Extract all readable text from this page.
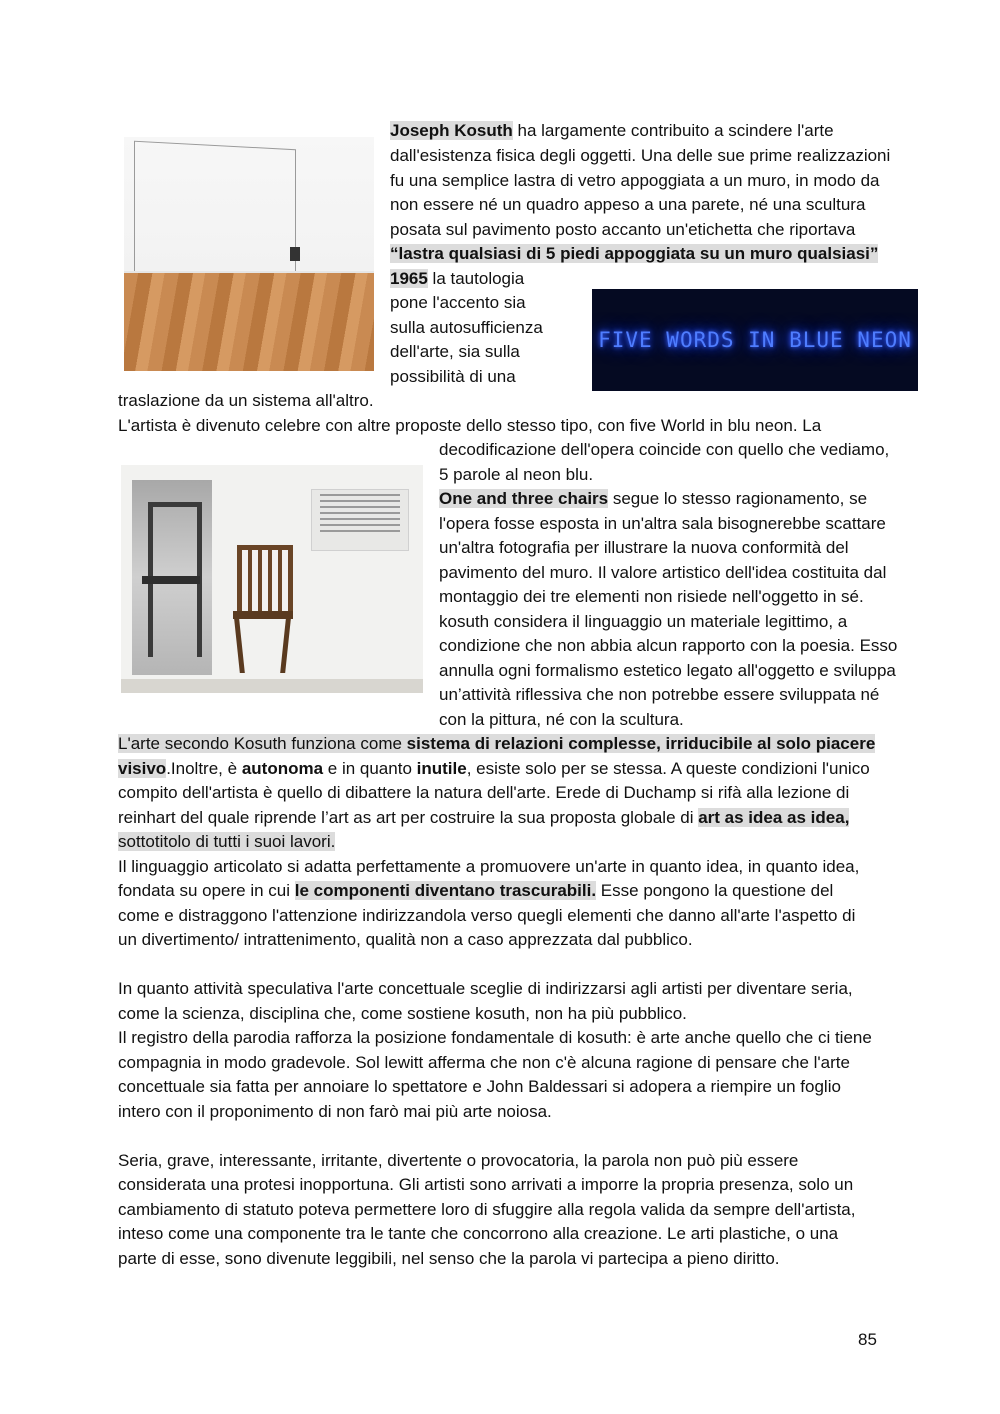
FIVE WORDS IN BLUE NEON
Joseph Kosuth ha largamente contribuito a scindere l'arte
dall'esistenza fisica degli oggetti. Una delle sue prime realizzazioni
fu una semplice lastra di vetro appoggiata a un muro, in modo da
non essere né un quadro appeso a una parete, né una scultura
posata sul pavimento posto accanto un'etichetta che riportava
“lastra qualsiasi di 5 piedi appoggiata su un muro qualsiasi”
1965 la tautologia
pone l'accento sia
sulla autosufficienza
dell'arte, sia sulla
possibilità di una
traslazione da un sistema all'altro.
L'artista è divenuto celebre con altre proposte dello stesso tipo, con five World in blu neon. La
decodificazione dell'opera coincide con quello che vediamo,
5 parole al neon blu.
One and three chairs segue lo stesso ragionamento, se
l'opera fosse esposta in un'altra sala bisognerebbe scattare
un'altra fotografia per illustrare la nuova conformità del
pavimento del muro. Il valore artistico dell'idea costituita dal
montaggio dei tre elementi non risiede nell'oggetto in sé.
kosuth considera il linguaggio un materiale legittimo, a
condizione che non abbia alcun rapporto con la poesia. Esso
annulla ogni formalismo estetico legato all'oggetto e sviluppa
un’attività riflessiva che non potrebbe essere sviluppata né
con la pittura, né con la scultura.
L'arte secondo Kosuth funziona come sistema di relazioni complesse, irriducibile al solo piacere
visivo.Inoltre, è autonoma e in quanto inutile, esiste solo per se stessa. A queste condizioni l'unico
compito dell'artista è quello di dibattere la natura dell'arte. Erede di Duchamp si rifà alla lezione di
reinhart del quale riprende l’art as art per costruire la sua proposta globale di art as idea as idea,
sottotitolo di tutti i suoi lavori.
Il linguaggio articolato si adatta perfettamente a promuovere un'arte in quanto idea, in quanto idea,
fondata su opere in cui le componenti diventano trascurabili. Esse pongono la questione del
come e distraggono l'attenzione indirizzandola verso quegli elementi che danno all'arte l'aspetto di
un divertimento/ intrattenimento, qualità non a caso apprezzata dal pubblico.
In quanto attività speculativa l'arte concettuale sceglie di indirizzarsi agli artisti per diventare seria,
come la scienza, disciplina che, come sostiene kosuth, non ha più pubblico.
Il registro della parodia rafforza la posizione fondamentale di kosuth: è arte anche quello che ci tiene
compagnia in modo gradevole. Sol lewitt afferma che non c'è alcuna ragione di pensare che l'arte
concettuale sia fatta per annoiare lo spettatore e John Baldessari si adopera a riempire un foglio
intero con il proponimento di non farò mai più arte noiosa.
Seria, grave, interessante, irritante, divertente o provocatoria, la parola non può più essere
considerata una protesi inopportuna. Gli artisti sono arrivati a imporre la propria presenza, solo un
cambiamento di statuto poteva permettere loro di sfuggire alla regola valida da sempre dell'artista,
inteso come una componente tra le tante che concorrono alla creazione. Le arti plastiche, o una
parte di esse, sono divenute leggibili, nel senso che la parola vi partecipa a pieno diritto.
85
